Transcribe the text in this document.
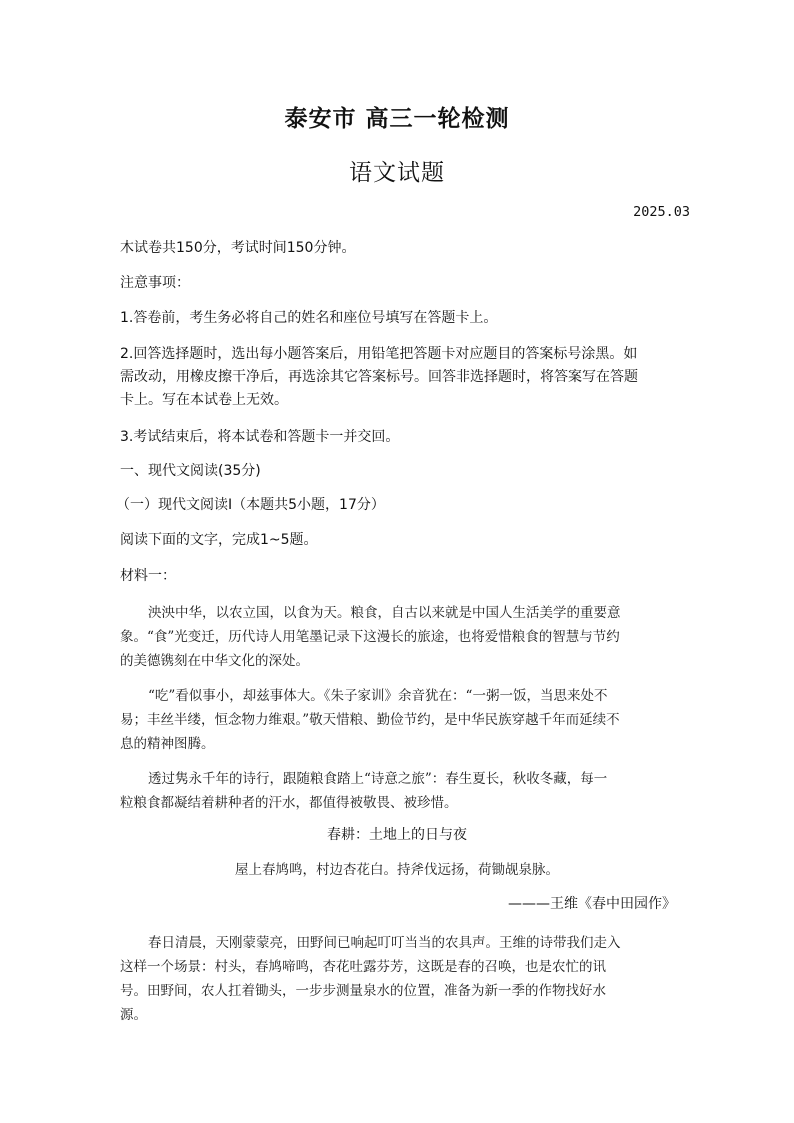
泰安市 高三一轮检测
语文试题
2025.03

木试卷共150分，考试时间150分钟。

注意事项：

1.答卷前，考生务必将自己的姓名和座位号填写在答题卡上。

2.回答选择题时，选出每小题答案后，用铅笔把答题卡对应题目的答案标号涂黑。如

需改动，用橡皮擦干净后，再选涂其它答案标号。回答非选择题时，将答案写在答题

卡上。写在本试卷上无效。

3.考试结束后，将本试卷和答题卡一并交回。

一、现代文阅读(35分)

（一）现代文阅读Ⅰ（本题共5小题，17分）

阅读下面的文字，完成1~5题。

材料一：

泱泱中华，以农立国，以食为天。粮食，自古以来就是中国人生活美学的重要意

象。“食”光变迁，历代诗人用笔墨记录下这漫长的旅途，也将爱惜粮食的智慧与节约

的美德镌刻在中华文化的深处。

“吃”看似事小，却兹事体大。《朱子家训》余音犹在：“一粥一饭，当思来处不

易；丰丝半缕，恒念物力维艰。”敬天惜粮、勤俭节约，是中华民族穿越千年而延续不

息的精神图腾。

透过隽永千年的诗行，跟随粮食踏上“诗意之旅”：春生夏长，秋收冬藏，每一

粒粮食都凝结着耕种者的汗水，都值得被敬畏、被珍惜。

春耕：土地上的日与夜

屋上春鸠鸣，村边杏花白。持斧伐远扬，荷锄觇泉脉。

———王维《春中田园作》

春日清晨，天刚蒙蒙亮，田野间已响起叮叮当当的农具声。王维的诗带我们走入

这样一个场景：村头，春鸠啼鸣，杏花吐露芬芳，这既是春的召唤，也是农忙的讯

号。田野间，农人扛着锄头，一步步测量泉水的位置，准备为新一季的作物找好水

源。
